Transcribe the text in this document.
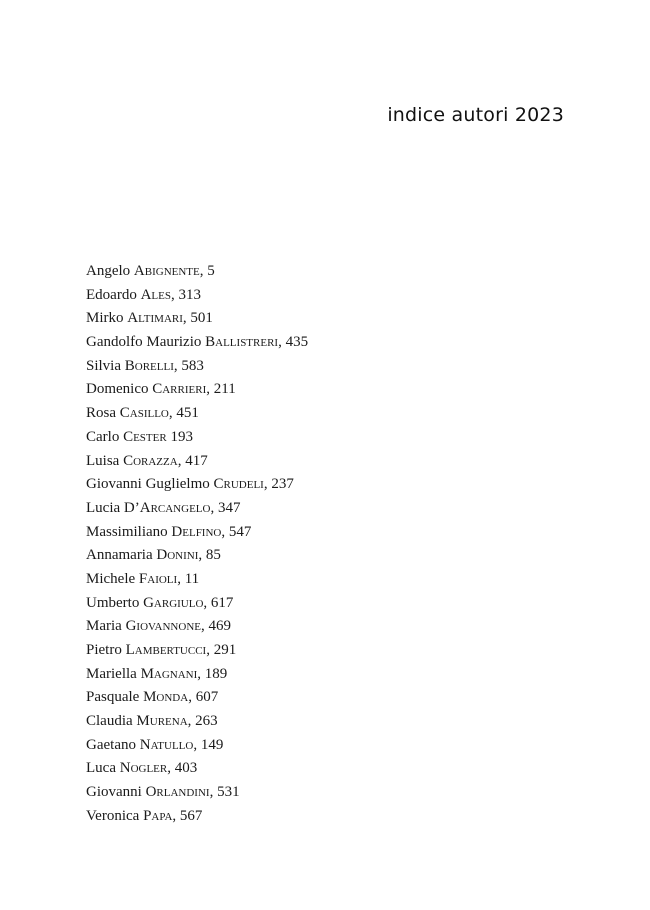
indice autori 2023
Angelo Abignente, 5
Edoardo Ales, 313
Mirko Altimari, 501
Gandolfo Maurizio Ballistreri, 435
Silvia Borelli, 583
Domenico Carrieri, 211
Rosa Casillo, 451
Carlo Cester 193
Luisa Corazza, 417
Giovanni Guglielmo Crudeli, 237
Lucia D’Arcangelo, 347
Massimiliano Delfino, 547
Annamaria Donini, 85
Michele Faioli, 11
Umberto Gargiulo, 617
Maria Giovannone, 469
Pietro Lambertucci, 291
Mariella Magnani, 189
Pasquale Monda, 607
Claudia Murena, 263
Gaetano Natullo, 149
Luca Nogler, 403
Giovanni Orlandini, 531
Veronica Papa, 567
